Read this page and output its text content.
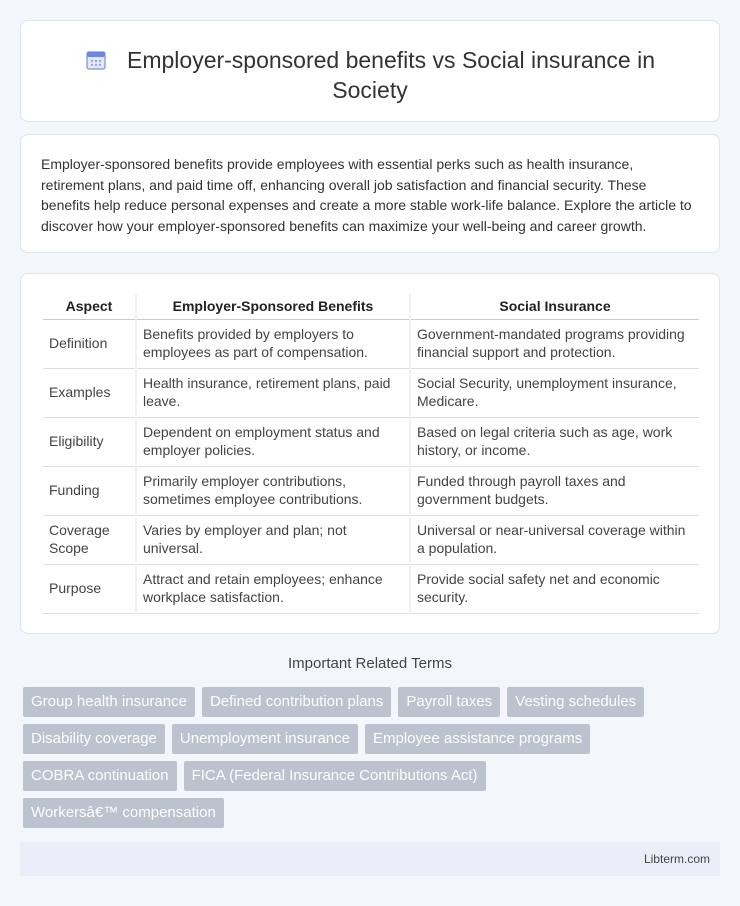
Employer-sponsored benefits vs Social insurance in
Society

Employer-sponsored benefits provide employees with essential perks such as health insurance, retirement plans, and paid time off, enhancing overall job satisfaction and financial security. These benefits help reduce personal expenses and create a more stable work-life balance. Explore the article to discover how your employer-sponsored benefits can maximize your well-being and career growth.

Aspect	Employer-Sponsored Benefits	Social Insurance
Definition	Benefits provided by employers to employees as part of compensation.	Government-mandated programs providing financial support and protection.
Examples	Health insurance, retirement plans, paid leave.	Social Security, unemployment insurance, Medicare.
Eligibility	Dependent on employment status and employer policies.	Based on legal criteria such as age, work history, or income.
Funding	Primarily employer contributions, sometimes employee contributions.	Funded through payroll taxes and government budgets.
Coverage Scope	Varies by employer and plan; not universal.	Universal or near-universal coverage within a population.
Purpose	Attract and retain employees; enhance workplace satisfaction.	Provide social safety net and economic security.
Important Related Terms
Group health insurance	Defined contribution plans	Payroll taxes	Vesting schedules
Disability coverage	Unemployment insurance	Employee assistance programs
COBRA continuation	FICA (Federal Insurance Contributions Act)
Workersâ€™ compensation
Libterm.com
